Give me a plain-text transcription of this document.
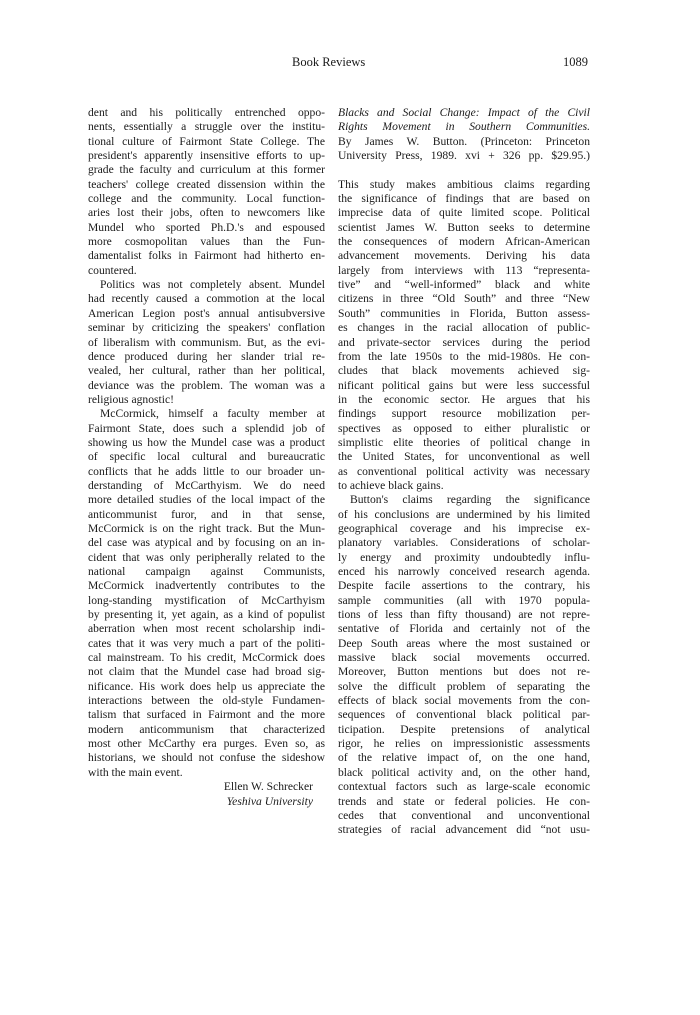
Book Reviews	1089
dent and his politically entrenched oppo-
nents, essentially a struggle over the institu-
tional culture of Fairmont State College. The
president's apparently insensitive efforts to up-
grade the faculty and curriculum at this former
teachers' college created dissension within the
college and the community. Local function-
aries lost their jobs, often to newcomers like
Mundel who sported Ph.D.'s and espoused
more cosmopolitan values than the Fun-
damentalist folks in Fairmont had hitherto en-
countered.
Politics was not completely absent. Mundel
had recently caused a commotion at the local
American Legion post's annual antisubversive
seminar by criticizing the speakers' conflation
of liberalism with communism. But, as the evi-
dence produced during her slander trial re-
vealed, her cultural, rather than her political,
deviance was the problem. The woman was a
religious agnostic!
McCormick, himself a faculty member at
Fairmont State, does such a splendid job of
showing us how the Mundel case was a product
of specific local cultural and bureaucratic
conflicts that he adds little to our broader un-
derstanding of McCarthyism. We do need
more detailed studies of the local impact of the
anticommunist furor, and in that sense,
McCormick is on the right track. But the Mun-
del case was atypical and by focusing on an in-
cident that was only peripherally related to the
national campaign against Communists,
McCormick inadvertently contributes to the
long-standing mystification of McCarthyism
by presenting it, yet again, as a kind of populist
aberration when most recent scholarship indi-
cates that it was very much a part of the politi-
cal mainstream. To his credit, McCormick does
not claim that the Mundel case had broad sig-
nificance. His work does help us appreciate the
interactions between the old-style Fundamen-
talism that surfaced in Fairmont and the more
modern anticommunism that characterized
most other McCarthy era purges. Even so, as
historians, we should not confuse the sideshow
with the main event.
Ellen W. Schrecker
Yeshiva University
Blacks and Social Change: Impact of the Civil
Rights Movement in Southern Communities.
By James W. Button. (Princeton: Princeton
University Press, 1989. xvi + 326 pp. $29.95.)
This study makes ambitious claims regarding
the significance of findings that are based on
imprecise data of quite limited scope. Political
scientist James W. Button seeks to determine
the consequences of modern African-American
advancement movements. Deriving his data
largely from interviews with 113 “representa-
tive” and “well-informed” black and white
citizens in three “Old South” and three “New
South” communities in Florida, Button assess-
es changes in the racial allocation of public-
and private-sector services during the period
from the late 1950s to the mid-1980s. He con-
cludes that black movements achieved sig-
nificant political gains but were less successful
in the economic sector. He argues that his
findings support resource mobilization per-
spectives as opposed to either pluralistic or
simplistic elite theories of political change in
the United States, for unconventional as well
as conventional political activity was necessary
to achieve black gains.
Button's claims regarding the significance
of his conclusions are undermined by his limited
geographical coverage and his imprecise ex-
planatory variables. Considerations of scholar-
ly energy and proximity undoubtedly influ-
enced his narrowly conceived research agenda.
Despite facile assertions to the contrary, his
sample communities (all with 1970 popula-
tions of less than fifty thousand) are not repre-
sentative of Florida and certainly not of the
Deep South areas where the most sustained or
massive black social movements occurred.
Moreover, Button mentions but does not re-
solve the difficult problem of separating the
effects of black social movements from the con-
sequences of conventional black political par-
ticipation. Despite pretensions of analytical
rigor, he relies on impressionistic assessments
of the relative impact of, on the one hand,
black political activity and, on the other hand,
contextual factors such as large-scale economic
trends and state or federal policies. He con-
cedes that conventional and unconventional
strategies of racial advancement did “not usu-
